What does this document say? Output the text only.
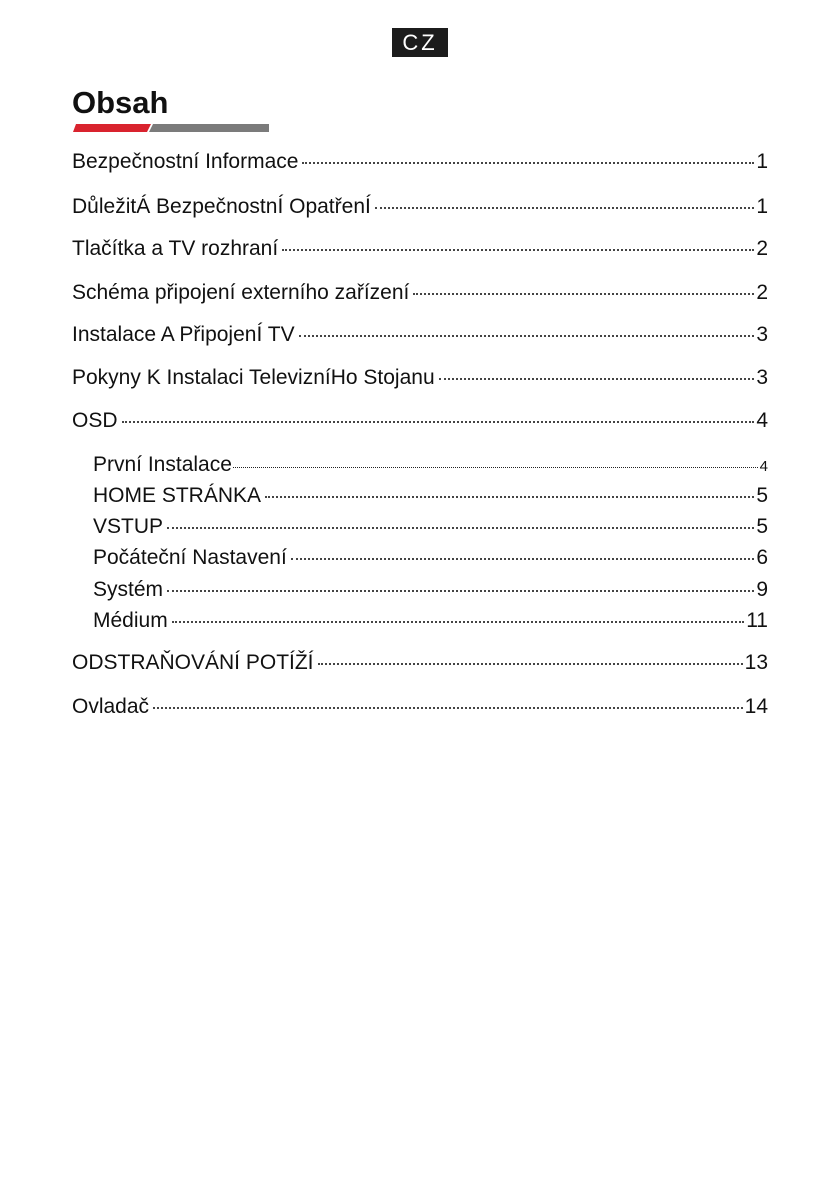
CZ
Obsah
Bezpečnostní Informace	1
DůležitÁ BezpečnostnÍ OpatřenÍ	1
Tlačítka a TV rozhraní	2
Schéma připojení externího zařízení	2
Instalace A PřipojenÍ TV	3
Pokyny K Instalaci TelevizníHo Stojanu	3
OSD	4
První Instalace	4
HOME STRÁNKA	5
VSTUP	5
Počáteční Nastavení	6
Systém	9
Médium	11
ODSTRAŇOVÁNÍ POTÍŽÍ	13
Ovladač	14
